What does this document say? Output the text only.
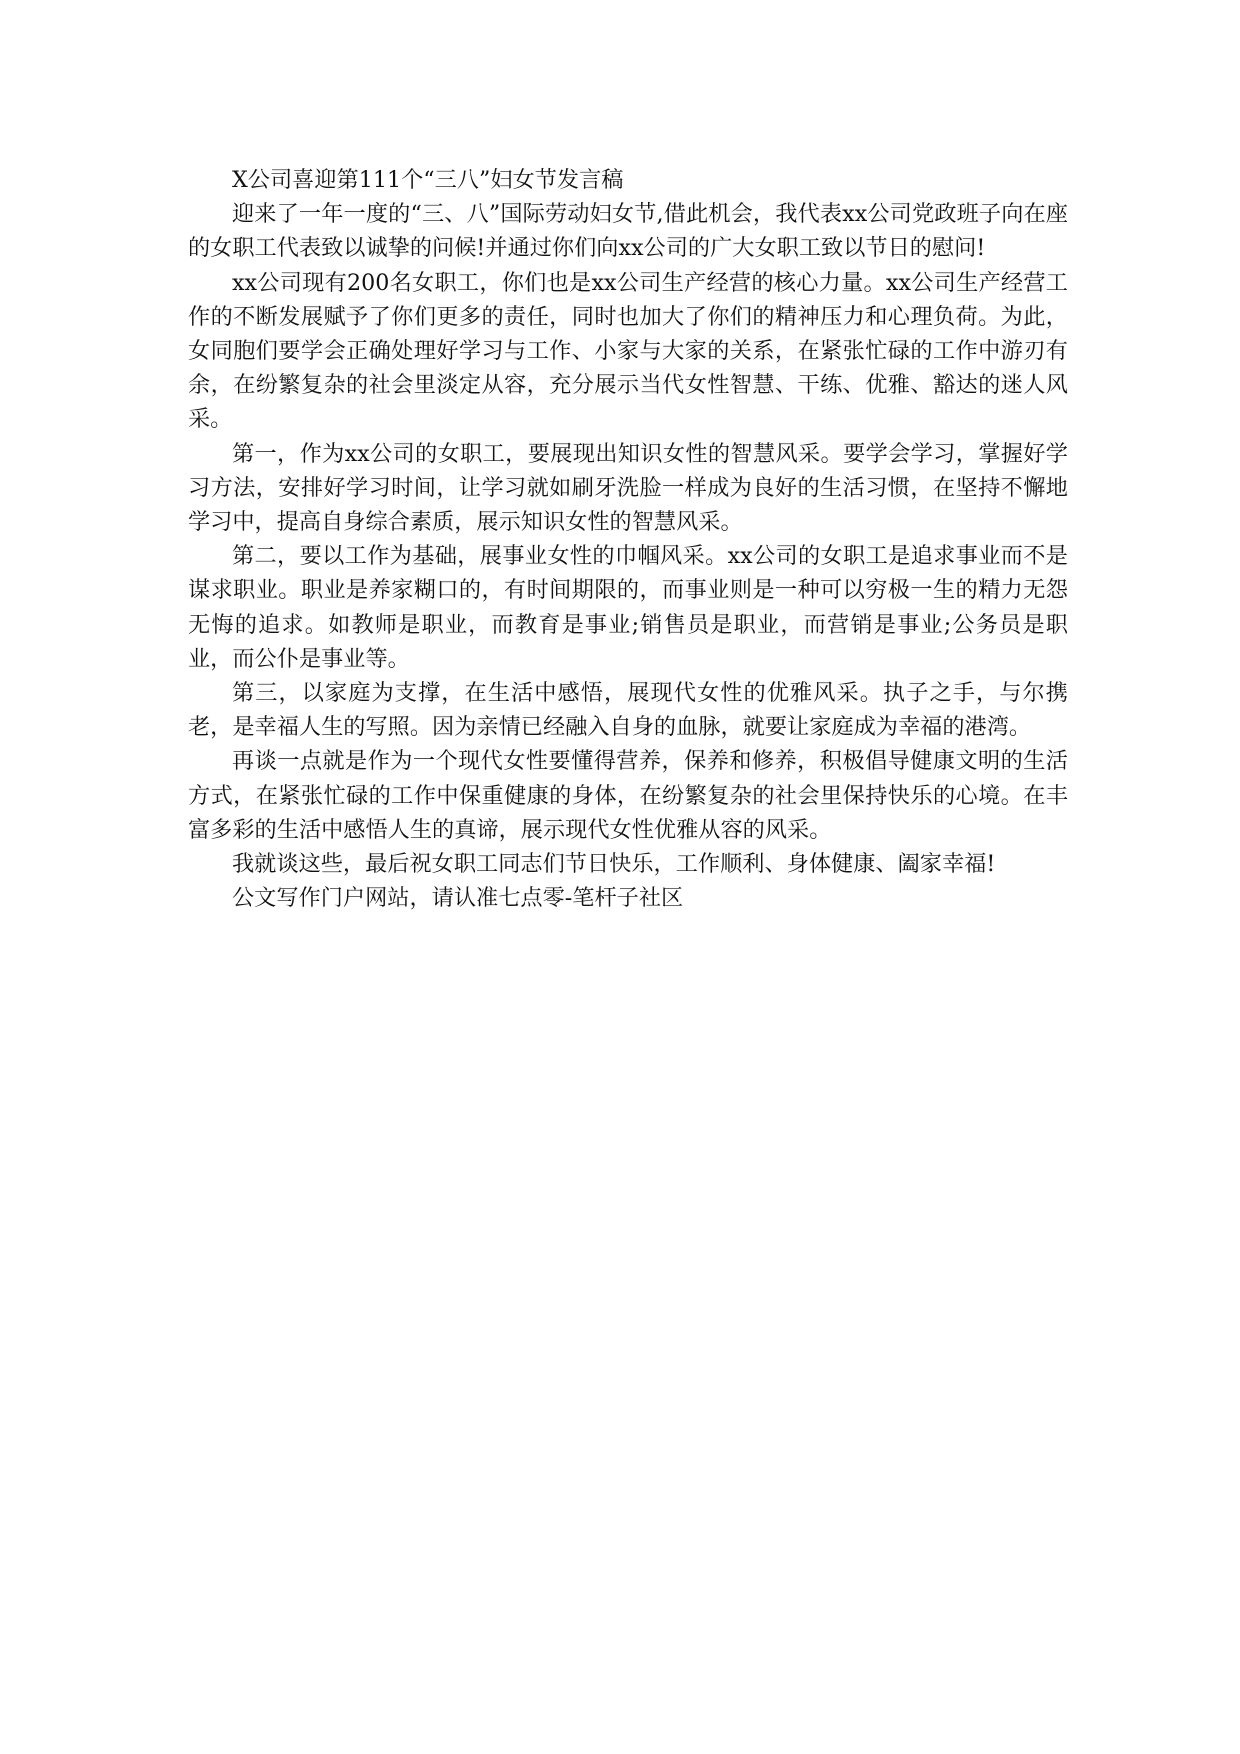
X公司喜迎第111个“三八”妇女节发言稿

迎来了一年一度的“三、八”国际劳动妇女节,借此机会，我代表xx公司党政班子向在座的女职工代表致以诚挚的问候!并通过你们向xx公司的广大女职工致以节日的慰问!

xx公司现有200名女职工，你们也是xx公司生产经营的核心力量。xx公司生产经营工作的不断发展赋予了你们更多的责任，同时也加大了你们的精神压力和心理负荷。为此，女同胞们要学会正确处理好学习与工作、小家与大家的关系，在紧张忙碌的工作中游刃有余，在纷繁复杂的社会里淡定从容，充分展示当代女性智慧、干练、优雅、豁达的迷人风采。

第一，作为xx公司的女职工，要展现出知识女性的智慧风采。要学会学习，掌握好学习方法，安排好学习时间，让学习就如刷牙洗脸一样成为良好的生活习惯，在坚持不懈地学习中，提高自身综合素质，展示知识女性的智慧风采。

第二，要以工作为基础，展事业女性的巾帼风采。xx公司的女职工是追求事业而不是谋求职业。职业是养家糊口的，有时间期限的，而事业则是一种可以穷极一生的精力无怨无悔的追求。如教师是职业，而教育是事业;销售员是职业，而营销是事业;公务员是职业，而公仆是事业等。

第三，以家庭为支撑，在生活中感悟，展现代女性的优雅风采。执子之手，与尔携老，是幸福人生的写照。因为亲情已经融入自身的血脉，就要让家庭成为幸福的港湾。

再谈一点就是作为一个现代女性要懂得营养，保养和修养，积极倡导健康文明的生活方式，在紧张忙碌的工作中保重健康的身体，在纷繁复杂的社会里保持快乐的心境。在丰富多彩的生活中感悟人生的真谛，展示现代女性优雅从容的风采。

我就谈这些，最后祝女职工同志们节日快乐，工作顺利、身体健康、阖家幸福!

公文写作门户网站，请认准七点零-笔杆子社区
